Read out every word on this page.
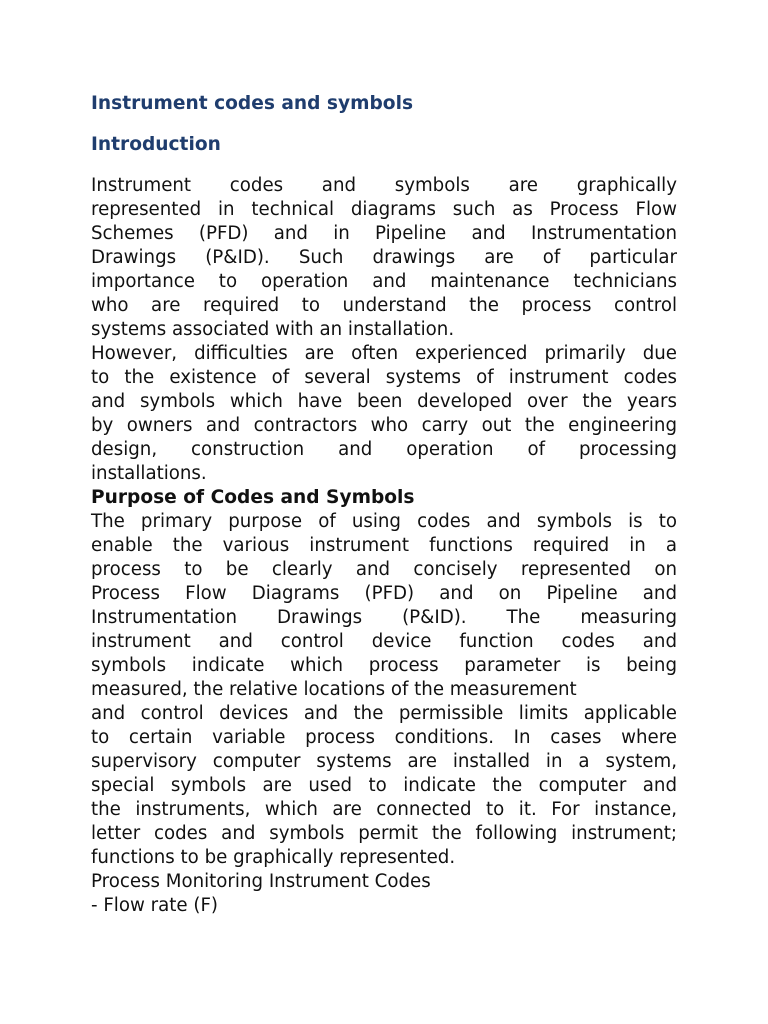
Instrument codes and symbols

Introduction

Instrument codes and symbols are graphically

represented in technical diagrams such as Process Flow

Schemes (PFD) and in Pipeline and Instrumentation

Drawings (P&ID). Such drawings are of particular

importance to operation and maintenance technicians

who are required to understand the process control

systems associated with an installation.

However, difficulties are often experienced primarily due

to the existence of several systems of instrument codes

and symbols which have been developed over the years

by owners and contractors who carry out the engineering

design, construction and operation of processing

installations.

Purpose of Codes and Symbols

The primary purpose of using codes and symbols is to

enable the various instrument functions required in a

process to be clearly and concisely represented on

Process Flow Diagrams (PFD) and on Pipeline and

Instrumentation Drawings (P&ID). The measuring

instrument and control device function codes and

symbols indicate which process parameter is being

measured, the relative locations of the measurement

and control devices and the permissible limits applicable

to certain variable process conditions. In cases where

supervisory computer systems are installed in a system,

special symbols are used to indicate the computer and

the instruments, which are connected to it. For instance,

letter codes and symbols permit the following instrument;

functions to be graphically represented.

Process Monitoring Instrument Codes

- Flow rate (F)
